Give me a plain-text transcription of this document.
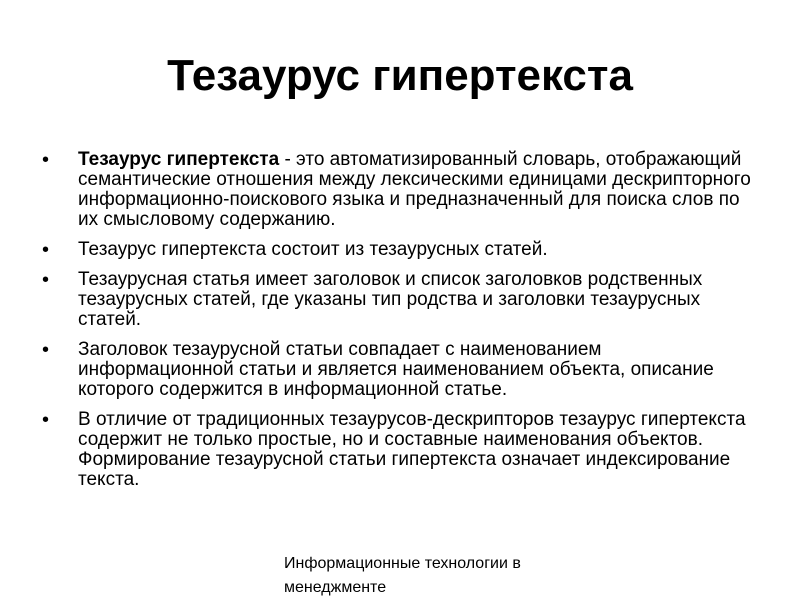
Тезаурус гипертекста
• Тезаурус гипертекста - это автоматизированный словарь, отображающий семантические отношения между лексическими единицами дескрипторного информационно-поискового языка и предназначенный для поиска слов по их смысловому содержанию.
• Тезаурус гипертекста состоит из тезаурусных статей.
• Тезаурусная статья имеет заголовок и список заголовков родственных тезаурусных статей, где указаны тип родства и заголовки тезаурусных статей.
• Заголовок тезаурусной статьи совпадает с наименованием информационной статьи и является наименованием объекта, описание которого содержится в информационной статье.
• В отличие от традиционных тезаурусов-дескрипторов тезаурус гипертекста содержит не только простые, но и составные наименования объектов. Формирование тезаурусной статьи гипертекста означает индексирование текста.

Информационные технологии в менеджменте
